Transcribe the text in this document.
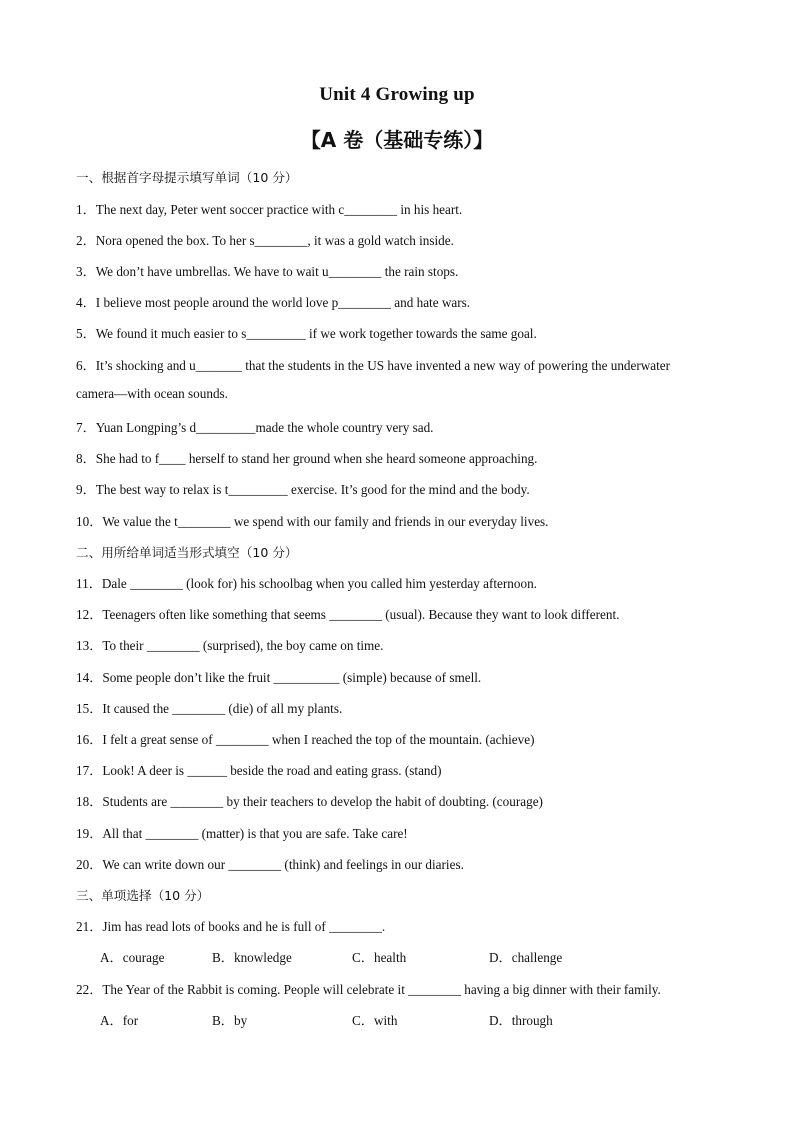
Unit 4 Growing up
【A 卷（基础专练）】
一、根据首字母提示填写单词（10 分）
1．The next day, Peter went soccer practice with c________ in his heart.
2．Nora opened the box. To her s________, it was a gold watch inside.
3．We don’t have umbrellas. We have to wait u________ the rain stops.
4．I believe most people around the world love p________ and hate wars.
5．We found it much easier to s_________ if we work together towards the same goal.
6．It’s shocking and u_______ that the students in the US have invented a new way of powering the underwater
camera—with ocean sounds.
7．Yuan Longping’s d_________made the whole country very sad.
8．She had to f____ herself to stand her ground when she heard someone approaching.
9．The best way to relax is t_________ exercise. It’s good for the mind and the body.
10．We value the t________ we spend with our family and friends in our everyday lives.
二、用所给单词适当形式填空（10 分）
11．Dale ________ (look for) his schoolbag when you called him yesterday afternoon.
12．Teenagers often like something that seems ________ (usual). Because they want to look different.
13．To their ________ (surprised), the boy came on time.
14．Some people don’t like the fruit __________ (simple) because of smell.
15．It caused the ________ (die) of all my plants.
16．I felt a great sense of ________ when I reached the top of the mountain. (achieve)
17．Look! A deer is ______ beside the road and eating grass. (stand)
18．Students are ________ by their teachers to develop the habit of doubting. (courage)
19．All that ________ (matter) is that you are safe. Take care!
20．We can write down our ________ (think) and feelings in our diaries.
三、单项选择（10 分）
21．Jim has read lots of books and he is full of ________.
A．courage	B．knowledge	C．health	D．challenge
22．The Year of the Rabbit is coming. People will celebrate it ________ having a big dinner with their family.
A．for	B．by	C．with	D．through
